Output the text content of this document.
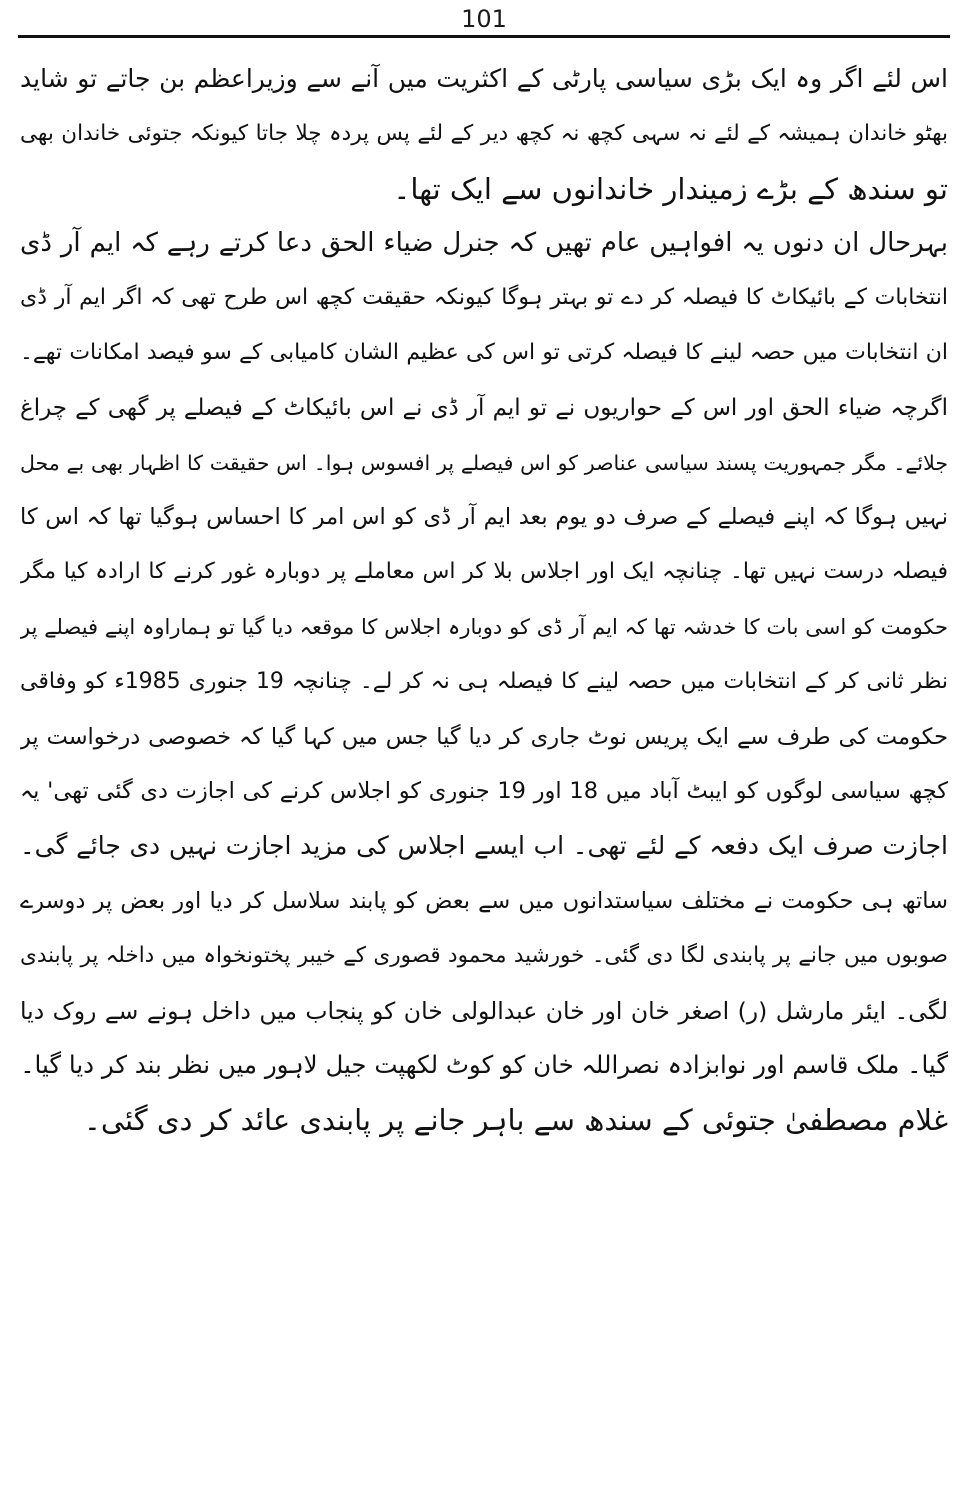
101
اس لئے اگر وہ ایک بڑی سیاسی پارٹی کے اکثریت میں آنے سے وزیراعظم بن جاتے تو شاید
بھٹو خاندان ہمیشہ کے لئے نہ سہی کچھ نہ کچھ دیر کے لئے پس پردہ چلا جاتا کیونکہ جتوئی خاندان بھی
تو سندھ کے بڑے زمیندار خاندانوں سے ایک تھا۔
بہرحال ان دنوں یہ افواہیں عام تھیں کہ جنرل ضیاء الحق دعا کرتے رہے کہ ایم آر ڈی
انتخابات کے بائیکاٹ کا فیصلہ کر دے تو بہتر ہوگا کیونکہ حقیقت کچھ اس طرح تھی کہ اگر ایم آر ڈی
ان انتخابات میں حصہ لینے کا فیصلہ کرتی تو اس کی عظیم الشان کامیابی کے سو فیصد امکانات تھے۔
اگرچہ ضیاء الحق اور اس کے حواریوں نے تو ایم آر ڈی نے اس بائیکاٹ کے فیصلے پر گھی کے چراغ
جلائے۔ مگر جمہوریت پسند سیاسی عناصر کو اس فیصلے پر افسوس ہوا۔ اس حقیقت کا اظہار بھی بے محل
نہیں ہوگا کہ اپنے فیصلے کے صرف دو یوم بعد ایم آر ڈی کو اس امر کا احساس ہوگیا تھا کہ اس کا
فیصلہ درست نہیں تھا۔ چنانچہ ایک اور اجلاس بلا کر اس معاملے پر دوبارہ غور کرنے کا ارادہ کیا مگر
حکومت کو اسی بات کا خدشہ تھا کہ ایم آر ڈی کو دوبارہ اجلاس کا موقعہ دیا گیا تو ہماراوہ اپنے فیصلے پر
نظر ثانی کر کے انتخابات میں حصہ لینے کا فیصلہ ہی نہ کر لے۔ چنانچہ 19 جنوری 1985ء کو وفاقی
حکومت کی طرف سے ایک پریس نوٹ جاری کر دیا گیا جس میں کہا گیا کہ خصوصی درخواست پر
کچھ سیاسی لوگوں کو ایبٹ آباد میں 18 اور 19 جنوری کو اجلاس کرنے کی اجازت دی گئی تھی' یہ
اجازت صرف ایک دفعہ کے لئے تھی۔ اب ایسے اجلاس کی مزید اجازت نہیں دی جائے گی۔
ساتھ ہی حکومت نے مختلف سیاستدانوں میں سے بعض کو پابند سلاسل کر دیا اور بعض پر دوسرے
صوبوں میں جانے پر پابندی لگا دی گئی۔ خورشید محمود قصوری کے خیبر پختونخواہ میں داخلہ پر پابندی
لگی۔ ایئر مارشل (ر) اصغر خان اور خان عبدالولی خان کو پنجاب میں داخل ہونے سے روک دیا
گیا۔ ملک قاسم اور نوابزادہ نصراللہ خان کو کوٹ لکھپت جیل لاہور میں نظر بند کر دیا گیا۔
غلام مصطفیٰ جتوئی کے سندھ سے باہر جانے پر پابندی عائد کر دی گئی۔
